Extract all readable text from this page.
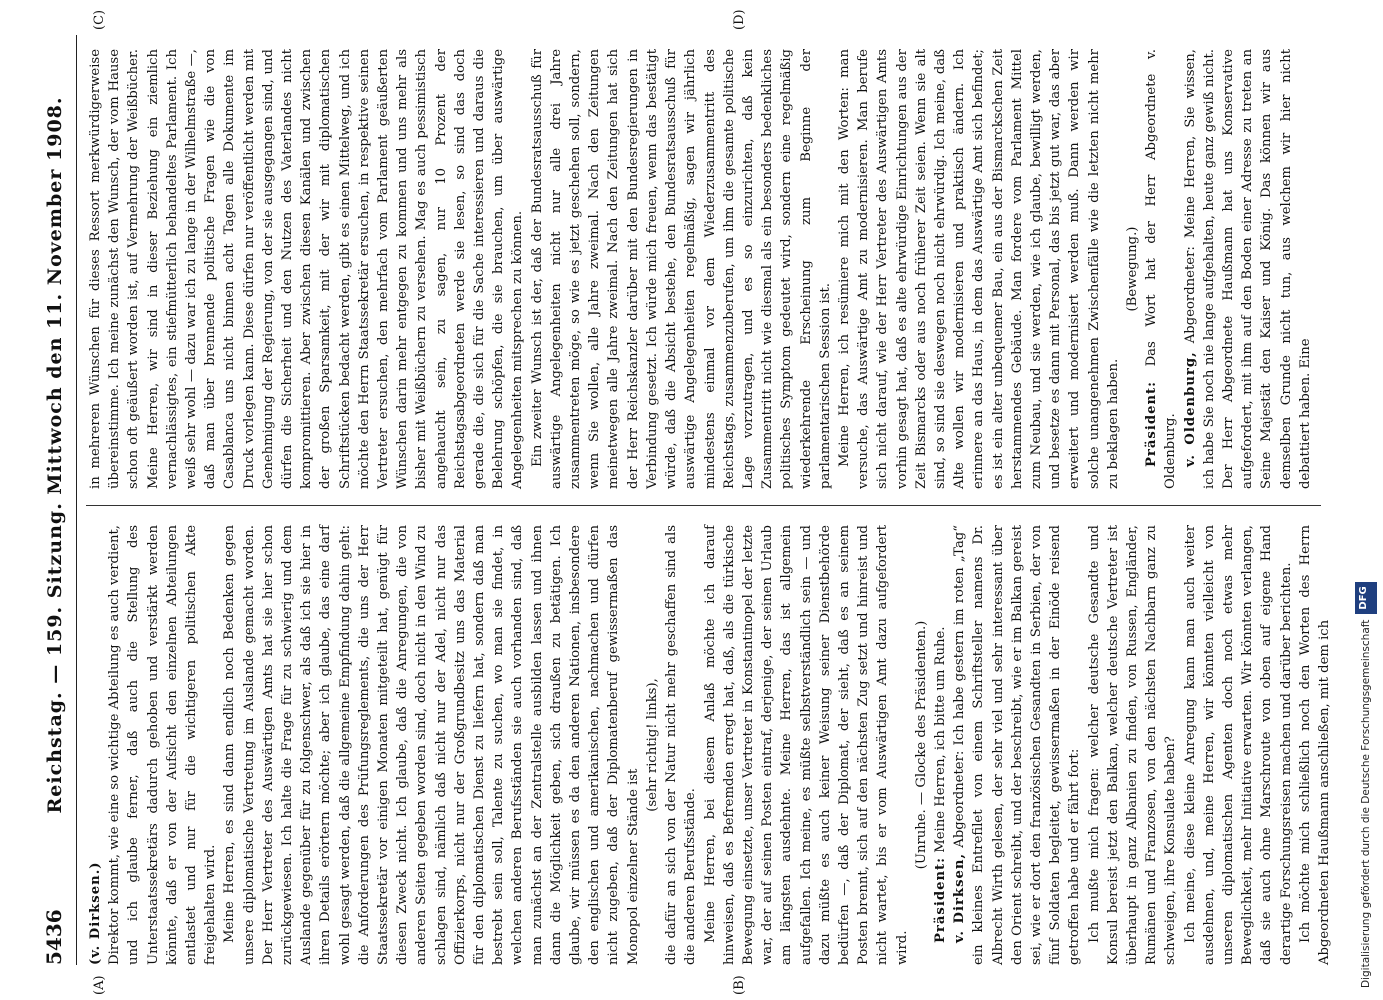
5436
Reichstag. — 159. Sitzung. Mittwoch den 11. November 1908.
(A)	(B)
(C)	(D)

(v. Dirksen.) Direktor kommt, wie eine so wichtige Abteilung es auch verdient, und ich glaube ferner, daß auch die Stellung des Unterstaatssekretärs dadurch gehoben und verstärkt werden könnte, daß er von der Aufsicht den einzelnen Abteilungen entlastet und nur für die wichtigeren politischen Akte freigehalten wird. Meine Herren, es sind dann endlich noch Bedenken gegen unsere diplomatische Vertretung im Auslande gemacht worden. Der Herr Vertreter des Auswärtigen Amts hat sie hier schon zurückgewiesen. Ich halte die Frage für zu schwierig und dem Auslande gegenüber für zu folgenschwer, als daß ich sie hier in ihren Details erörtern möchte; aber ich glaube, das eine darf wohl gesagt werden, daß die allgemeine Empfindung dahin geht: die Anforderungen des Prüfungsreglements, die uns der Herr Staatssekretär vor einigen Monaten mitgeteilt hat, genügt für diesen Zweck nicht. Ich glaube, daß die Anregungen, die von anderen Seiten gegeben worden sind, doch nicht in den Wind zu schlagen sind, nämlich daß nicht nur der Adel, nicht nur das Offizierkorps, nicht nur der Großgrundbesitz uns das Material für den diplomatischen Dienst zu liefern hat, sondern daß man bestrebt sein soll, Talente zu suchen, wo man sie findet, in welchen anderen Berufsständen sie auch vorhanden sind, daß man zunächst an der Zentralstelle ausbilden lassen und ihnen dann die Möglichkeit geben, sich draußen zu betätigen. Ich glaube, wir müssen es da den anderen Nationen, insbesondere den englischen und amerikanischen, nachmachen und dürfen nicht zugeben, daß der Diplomatenberuf gewissermaßen das Monopol einzelner Stände ist

(sehr richtig! links), die dafür an sich von der Natur nicht mehr geschaffen sind als die anderen Berufsstände. Meine Herren, bei diesem Anlaß möchte ich darauf hinweisen, daß es Befremden erregt hat, daß, als die türkische Bewegung einsetzte, unser Vertreter in Konstantinopel der letzte war, der auf seinen Posten eintraf, derjenige, der seinen Urlaub am längsten ausdehnte. Meine Herren, das ist allgemein aufgefallen. Ich meine, es müßte selbstverständlich sein — und dazu müßte es auch keiner Weisung seiner Dienstbehörde bedürfen —, daß der Diplomat, der sieht, daß es an seinem Posten brennt, sich auf den nächsten Zug setzt und hinreist und nicht wartet, bis er vom Auswärtigen Amt dazu aufgefordert wird.

(Unruhe. — Glocke des Präsidenten.)

Präsident: Meine Herren, ich bitte um Ruhe.

v. Dirksen, Abgeordneter: Ich habe gestern im roten „Tag“ ein kleines Entrefilet von einem Schriftsteller namens Dr. Albrecht Wirth gelesen, der sehr viel und sehr interessant über den Orient schreibt, und der beschreibt, wie er im Balkan gereist sei, wie er dort den französischen Gesandten in Serbien, der von fünf Soldaten begleitet, gewissermaßen in der Einöde reisend getroffen habe und er fährt fort: Ich mußte mich fragen: welcher deutsche Gesandte und Konsul bereist jetzt den Balkan, welcher deutsche Vertreter ist überhaupt in ganz Albanien zu finden, von Russen, Engländer, Rumänen und Franzosen, von den nächsten Nachbarn ganz zu schweigen, ihre Konsulate haben? Ich meine, diese kleine Anregung kann man auch weiter ausdehnen, und, meine Herren, wir könnten vielleicht von unseren diplomatischen Agenten doch noch etwas mehr Beweglichkeit, mehr Initiative erwarten. Wir könnten verlangen, daß sie auch ohne Marschroute von oben auf eigene Hand derartige Forschungsreisen machen und darüber berichten. Ich möchte mich schließlich noch den Worten des Herrn Abgeordneten Haußmann anschließen, mit dem ich

in mehreren Wünschen für dieses Ressort merkwürdigerweise übereinstimme. Ich meine zunächst den Wunsch, der vom Hause schon oft geäußert worden ist, auf Vermehrung der Weißbücher. Meine Herren, wir sind in dieser Beziehung ein ziemlich vernachlässigtes, ein stiefmütterlich behandeltes Parlament. Ich weiß sehr wohl — dazu war ich zu lange in der Wilhelmstraße —, daß man über brennende politische Fragen wie die von Casablanca uns nicht binnen acht Tagen alle Dokumente im Druck vorlegen kann. Diese dürfen nur veröffentlicht werden mit Genehmigung der Regierung, von der sie ausgegangen sind, und dürfen die Sicherheit und den Nutzen des Vaterlandes nicht kompromittieren. Aber zwischen diesen Kanälen und zwischen der großen Sparsamkeit, mit der wir mit diplomatischen Schriftstücken bedacht werden, gibt es einen Mittelweg, und ich möchte den Herrn Staatssekretär ersuchen, in respektive seinen Vertreter ersuchen, den mehrfach vom Parlament geäußerten Wünschen darin mehr entgegen zu kommen und uns mehr als bisher mit Weißbüchern zu versehen. Mag es auch pessimistisch angehaucht sein, zu sagen, nur 10 Prozent der Reichstagsabgeordneten werde sie lesen, so sind das doch gerade die, die sich für die Sache interessieren und daraus die Belehrung schöpfen, die sie brauchen, um über auswärtige Angelegenheiten mitsprechen zu können. Ein zweiter Wunsch ist der, daß der Bundesratsausschuß für auswärtige Angelegenheiten nicht nur alle drei Jahre zusammentreten möge, so wie es jetzt geschehen soll, sondern, wenn Sie wollen, alle Jahre zweimal. Nach den Zeitungen meinetwegen alle Jahre zweimal. Nach den Zeitungen hat sich der Herr Reichskanzler darüber mit den Bundesregierungen in Verbindung gesetzt. Ich würde mich freuen, wenn das bestätigt würde, daß die Absicht bestehe, den Bundesratsausschuß für auswärtige Angelegenheiten regelmäßig, sagen wir jährlich mindestens einmal vor dem Wiederzusammentritt des Reichstags, zusammenzuberufen, um ihm die gesamte politische Lage vorzutragen, und es so einzurichten, daß kein Zusammentritt nicht wie diesmal als ein besonders bedenkliches politisches Symptom gedeutet wird, sondern eine regelmäßig wiederkehrende Erscheinung zum Beginne der parlamentarischen Session ist. Meine Herren, ich resümiere mich mit den Worten: man versuche, das Auswärtige Amt zu modernisieren. Man berufe sich nicht darauf, wie der Herr Vertreter des Auswärtigen Amts vorhin gesagt hat, daß es alte ehrwürdige Einrichtungen aus der Zeit Bismarcks oder aus noch früherer Zeit seien. Wenn sie alt sind, so sind sie deswegen noch nicht ehrwürdig. Ich meine, daß Alte wollen wir modernisieren und praktisch ändern. Ich erinnere an das Haus, in dem das Auswärtige Amt sich befindet; es ist ein alter unbequemer Bau, ein aus der Bismarckschen Zeit herstammendes Gebäude. Man fordere vom Parlament Mittel zum Neubau, und sie werden, wie ich glaube, bewilligt werden, und besetze es dann mit Personal, das bis jetzt gut war, das aber erweitert und modernisiert werden muß. Dann werden wir solche unangenehmen Zwischenfälle wie die letzten nicht mehr zu beklagen haben.

(Bewegung.)

Präsident: Das Wort hat der Herr Abgeordnete v. Oldenburg. v. Oldenburg, Abgeordneter: Meine Herren, Sie wissen, ich habe Sie noch nie lange aufgehalten, heute ganz gewiß nicht. Der Herr Abgeordnete Haußmann hat uns Konservative aufgefordert, mit ihm auf den Boden einer Adresse zu treten an Seine Majestät den Kaiser und König. Das können wir aus demselben Grunde nicht tun, aus welchem wir hier nicht debattiert haben. Eine

Digitalisierung gefördert durch die Deutsche Forschungsgemeinschaft
DFG
